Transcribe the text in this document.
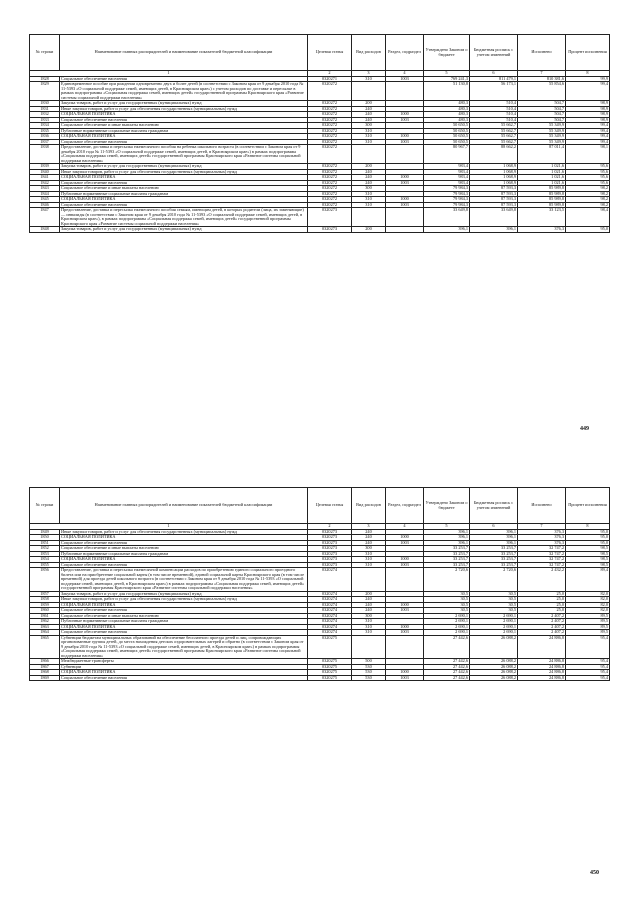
№ строки	Наименование главных распорядителей и наименование показателей бюджетной классификации	Целевая статья	Вид расходов	Раздел, подраздел	Утверждено Законом о бюджете	Бюджетная роспись с учетом изменений	Исполнено	Процент исполнения
1		2	3	4	5	6	7	8
1828	Социальное обеспечение населения	0320271	310	1003	769 241,3	811 479,1	810 381,6	99,9
1829	Единовременное пособие при рождении одновременно двух и более детей (в соответствии с Законом края от 9 декабря 2010 года № 11-5393 «О социальной поддержке семей, имеющих детей, в Красноярском крае») с учетом расходов по доставке и пересылке в рамках подпрограммы «Социальная поддержка семей, имеющих детей» государственной программы Красноярского края «Развитие системы социальной поддержки населения»	0320272			51 130,8	56 173,1	55 854,6	99,4
1830	Закупка товаров, работ и услуг для государственных (муниципальных) нужд	0320272	200		480,3	510,4	504,7	98,9
1831	Иные закупки товаров, работ и услуг для обеспечения государственных (муниципальных) нужд	0320272	240		480,3	510,4	504,7	98,9
1832	СОЦИАЛЬНАЯ ПОЛИТИКА	0320272	240	1000	480,3	510,4	504,7	98,9
1833	Социальное обеспечение населения	0320272	240	1003	480,3	510,4	504,7	98,9
1834	Социальное обеспечение и иные выплаты населению	0320272	300		50 650,5	55 662,7	55 349,9	99,4
1835	Публичные нормативные социальные выплаты гражданам	0320272	310		50 650,5	55 662,7	55 349,9	99,4
1836	СОЦИАЛЬНАЯ ПОЛИТИКА	0320272	310	1000	50 650,5	55 662,7	55 349,9	99,4
1837	Социальное обеспечение населения	0320272	310	1003	50 650,5	55 662,7	55 349,9	99,4
1838	Предоставление, доставка и пересылка ежемесячного пособия на ребенка школьного возраста (в соответствии с Законом края от 9 декабря 2010 года № 11-5393 «О социальной поддержке семей, имеющих детей, в Красноярском крае») в рамках подпрограммы «Социальная поддержка семей, имеющих детей» государственной программы Красноярского края «Развитие системы социальной поддержки населения»	0320272			80 967,7	88 662,2	87 011,4	98,1
1839	Закупка товаров, работ и услуг для государственных (муниципальных) нужд	0320272	200		983,4	1 068,9	1 021,6	95,6
1840	Иные закупки товаров, работ и услуг для обеспечения государственных (муниципальных) нужд	0320272	240		983,4	1 068,9	1 021,6	95,6
1841	СОЦИАЛЬНАЯ ПОЛИТИКА	0320272	240	1000	983,4	1 068,9	1 021,6	95,6
1842	Социальное обеспечение населения	0320272	240	1003	983,4	1 068,9	1 021,6	95,6
1843	Социальное обеспечение и иные выплаты населению	0320272	300		79 984,3	87 593,3	85 989,8	98,2
1844	Публичные нормативные социальные выплаты гражданам	0320272	310		79 984,3	87 593,3	85 989,8	98,2
1845	СОЦИАЛЬНАЯ ПОЛИТИКА	0320272	310	1000	79 984,3	87 593,3	85 989,8	98,2
1846	Социальное обеспечение населения	0320272	310	1003	79 984,3	87 593,3	85 989,8	98,2
1847	Предоставление, доставка и пересылка ежемесячного пособия семьям, имеющим детей, в которых родители (лица, их заменяющие) — инвалиды (в соответствии с Законом края от 9 декабря 2010 года № 11-5393 «О социальной поддержке семей, имеющих детей, в Красноярском крае»), в рамках подпрограммы «Социальная поддержка семей, имеющих детей» государственной программы Красноярского края «Развитие системы социальной поддержки населения»	0320273			33 649,8	33 649,8	33 123,5	98,4
1848	Закупка товаров, работ и услуг для государственных (муниципальных) нужд	0320273	200		396,1	396,1	376,3	95,0
449
№ строки	Наименование главных распорядителей и наименование показателей бюджетной классификации	Целевая статья	Вид расходов	Раздел, подраздел	Утверждено Законом о бюджете	Бюджетная роспись с учетом изменений	Исполнено	Процент исполнения
1		2	3	4	5	6	7	8
1849	Иные закупки товаров, работ и услуг для обеспечения государственных (муниципальных) нужд	0320273	240		396,1	396,1	376,3	95,0
1850	СОЦИАЛЬНАЯ ПОЛИТИКА	0320273	240	1000	396,1	396,1	376,3	95,0
1851	Социальное обеспечение населения	0320273	240	1003	396,1	396,1	376,3	95,0
1852	Социальное обеспечение и иные выплаты населению	0320273	300		33 253,7	33 253,7	32 747,2	98,5
1853	Публичные нормативные социальные выплаты гражданам	0320273	310		33 253,7	33 253,7	32 747,2	98,5
1854	СОЦИАЛЬНАЯ ПОЛИТИКА	0320273	310	1000	33 253,7	33 253,7	32 747,2	98,5
1855	Социальное обеспечение населения	0320273	310	1003	33 253,7	33 253,7	32 747,2	98,5
1856	Предоставление, доставка и пересылка ежемесячной компенсации расходов по приобретению единого социального проездного билета или на приобретение социальной карты (в том числе временной), единой социальной карты Красноярского края (в том числе временной) для проезда детей школьного возраста (в соответствии с Законом края от 9 декабря 2010 года № 11-5393 «О социальной поддержке семей, имеющих детей, в Красноярском крае») в рамках подпрограммы «Социальная поддержка семей, имеющих детей» государственной программы Красноярского края «Развитие системы социальной поддержки населения»	0320274			2 720,6	2 720,6	2 432,2	89,4
1857	Закупка товаров, работ и услуг для государственных (муниципальных) нужд	0320274	200		30,5	30,5	25,0	82,0
1858	Иные закупки товаров, работ и услуг для обеспечения государственных (муниципальных) нужд	0320274	240		30,5	30,5	25,0	82,0
1859	СОЦИАЛЬНАЯ ПОЛИТИКА	0320274	240	1000	30,5	30,5	25,0	82,0
1860	Социальное обеспечение населения	0320274	240	1003	30,5	30,5	25,0	82,0
1861	Социальное обеспечение и иные выплаты населению	0320274	300		2 690,1	2 690,1	2 407,2	89,5
1862	Публичные нормативные социальные выплаты гражданам	0320274	310		2 690,1	2 690,1	2 407,2	89,5
1863	СОЦИАЛЬНАЯ ПОЛИТИКА	0320274	310	1000	2 690,1	2 690,1	2 407,2	89,5
1864	Социальное обеспечение населения	0320274	310	1003	2 690,1	2 690,1	2 407,2	89,5
1865	Субвенции бюджетам муниципальных образований на обеспечение бесплатного проезда детей и лиц, сопровождающих организованные группы детей, до места нахождения детских оздоровительных лагерей и обратно (в соответствии с Законом края от 9 декабря 2010 года № 11-5393 «О социальной поддержке семей, имеющих детей, в Красноярском крае») в рамках подпрограммы «Социальная поддержка семей, имеющих детей» государственной программы Красноярского края «Развитие системы социальной поддержки населения»	0320275			27 442,6	26 088,2	24 886,8	95,4
1866	Межбюджетные трансферты	0320275	500		27 442,6	26 088,2	24 886,8	95,4
1867	Субвенции	0320275	530		27 442,6	26 088,2	24 886,8	95,4
1868	СОЦИАЛЬНАЯ ПОЛИТИКА	0320275	530	1000	27 442,6	26 088,2	24 886,8	95,4
1869	Социальное обеспечение населения	0320275	530	1003	27 442,6	26 088,2	24 886,8	95,4
450
